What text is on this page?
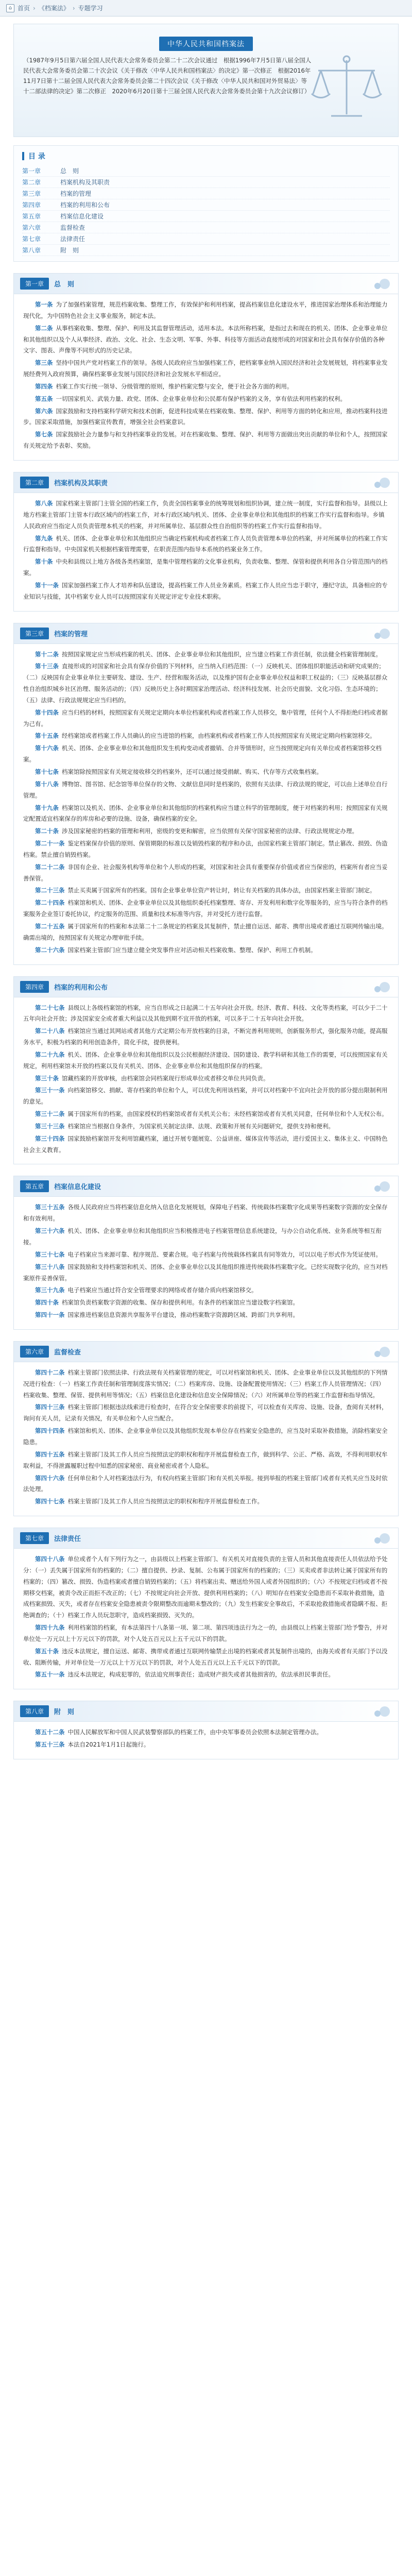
⌂ 首页 › 《档案法》 › 专题学习
中华人民共和国档案法
（1987年9月5日第六届全国人民代表大会常务委员会第二十二次会议通过　根据1996年7月5日第八届全国人民代表大会常务委员会第二十次会议《关于修改〈中华人民共和国档案法〉的决定》第一次修正　根据2016年11月7日第十二届全国人民代表大会常务委员会第二十四次会议《关于修改〈中华人民共和国对外贸易法〉等十二部法律的决定》第二次修正　2020年6月20日第十三届全国人民代表大会常务委员会第十九次会议修订）
目 录
第一章	总　则
第二章	档案机构及其职责
第三章	档案的管理
第四章	档案的利用和公布
第五章	档案信息化建设
第六章	监督检查
第七章	法律责任
第八章	附　则
第一章	总　则

第一条 为了加强档案管理，规范档案收集、整理工作，有效保护和利用档案，提高档案信息化建设水平，推进国家治理体系和治理能力现代化，为中国特色社会主义事业服务，制定本法。

第二条 从事档案收集、整理、保护、利用及其监督管理活动，适用本法。本法所称档案，是指过去和现在的机关、团体、企业事业单位和其他组织以及个人从事经济、政治、文化、社会、生态文明、军事、外事、科技等方面活动直接形成的对国家和社会具有保存价值的各种文字、图表、声像等不同形式的历史记录。

第三条 坚持中国共产党对档案工作的领导。各级人民政府应当加强档案工作，把档案事业纳入国民经济和社会发展规划，将档案事业发展经费列入政府预算，确保档案事业发展与国民经济和社会发展水平相适应。

第四条 档案工作实行统一领导、分级管理的原则，维护档案完整与安全，便于社会各方面的利用。

第五条 一切国家机关、武装力量、政党、团体、企业事业单位和公民都有保护档案的义务，享有依法利用档案的权利。

第六条 国家鼓励和支持档案科学研究和技术创新，促进科技成果在档案收集、整理、保护、利用等方面的转化和应用，推动档案科技进步。国家采取措施，加强档案宣传教育，增强全社会档案意识。

第七条 国家鼓励社会力量参与和支持档案事业的发展。对在档案收集、整理、保护、利用等方面做出突出贡献的单位和个人，按照国家有关规定给予表彰、奖励。

第二章	档案机构及其职责

第八条 国家档案主管部门主管全国的档案工作，负责全国档案事业的统筹规划和组织协调，建立统一制度，实行监督和指导。县级以上地方档案主管部门主管本行政区域内的档案工作，对本行政区域内机关、团体、企业事业单位和其他组织的档案工作实行监督和指导。乡镇人民政府应当指定人员负责管理本机关的档案，并对所属单位、基层群众性自治组织等的档案工作实行监督和指导。

第九条 机关、团体、企业事业单位和其他组织应当确定档案机构或者档案工作人员负责管理本单位的档案，并对所属单位的档案工作实行监督和指导。中央国家机关根据档案管理需要，在职责范围内指导本系统的档案业务工作。

第十条 中央和县级以上地方各级各类档案馆，是集中管理档案的文化事业机构，负责收集、整理、保管和提供利用各自分管范围内的档案。

第十一条 国家加强档案工作人才培养和队伍建设，提高档案工作人员业务素质。档案工作人员应当忠于职守，遵纪守法，具备相应的专业知识与技能，其中档案专业人员可以按照国家有关规定评定专业技术职称。

第三章	档案的管理

第十二条 按照国家规定应当形成档案的机关、团体、企业事业单位和其他组织，应当建立档案工作责任制，依法健全档案管理制度。

第十三条 直接形成的对国家和社会具有保存价值的下列材料，应当纳入归档范围：（一）反映机关、团体组织职能活动和研究成果的；（二）反映国有企业事业单位主要研发、建设、生产、经营和服务活动，以及维护国有企业事业单位权益和职工权益的；（三）反映基层群众性自治组织城乡社区治理、服务活动的；（四）反映历史上各时期国家治理活动、经济科技发展、社会历史面貌、文化习俗、生态环境的；（五）法律、行政法规规定应当归档的。

第十四条 应当归档的材料，按照国家有关规定定期向本单位档案机构或者档案工作人员移交，集中管理，任何个人不得拒绝归档或者据为己有。

第十五条 经档案馆或者档案工作人员确认的应当进馆的档案，由档案机构或者档案工作人员按照国家有关规定定期向档案馆移交。

第十六条 机关、团体、企业事业单位和其他组织发生机构变动或者撤销、合并等情形时，应当按照规定向有关单位或者档案馆移交档案。

第十七条 档案馆除按照国家有关规定接收移交的档案外，还可以通过接受捐献、购买、代存等方式收集档案。

第十八条 博物馆、图书馆、纪念馆等单位保存的文物、文献信息同时是档案的，依照有关法律、行政法规的规定，可以由上述单位自行管理。

第十九条 档案馆以及机关、团体、企业事业单位和其他组织的档案机构应当建立科学的管理制度，便于对档案的利用；按照国家有关规定配置适宜档案保存的库房和必要的设施、设备，确保档案的安全。

第二十条 涉及国家秘密的档案的管理和利用，密级的变更和解密，应当依照有关保守国家秘密的法律、行政法规规定办理。

第二十一条 鉴定档案保存价值的原则、保管期限的标准以及销毁档案的程序和办法，由国家档案主管部门制定。禁止篡改、损毁、伪造档案。禁止擅自销毁档案。

第二十二条 非国有企业、社会服务机构等单位和个人形成的档案，对国家和社会具有重要保存价值或者应当保密的，档案所有者应当妥善保管。

第二十三条 禁止买卖属于国家所有的档案。国有企业事业单位资产转让时，转让有关档案的具体办法，由国家档案主管部门制定。

第二十四条 档案馆和机关、团体、企业事业单位以及其他组织委托档案整理、寄存、开发利用和数字化等服务的，应当与符合条件的档案服务企业签订委托协议，约定服务的范围、质量和技术标准等内容，并对受托方进行监督。

第二十五条 属于国家所有的档案和本法第二十二条规定的档案及其复制件，禁止擅自运送、邮寄、携带出境或者通过互联网传输出境。确需出境的，按照国家有关规定办理审批手续。

第二十六条 国家档案主管部门应当建立健全突发事件应对活动相关档案收集、整理、保护、利用工作机制。

第四章	档案的利用和公布

第二十七条 县级以上各级档案馆的档案，应当自形成之日起满二十五年向社会开放。经济、教育、科技、文化等类档案，可以少于二十五年向社会开放；涉及国家安全或者重大利益以及其他到期不宜开放的档案，可以多于二十五年向社会开放。

第二十八条 档案馆应当通过其网站或者其他方式定期公布开放档案的目录，不断完善利用规则，创新服务形式，强化服务功能，提高服务水平，积极为档案的利用创造条件，简化手续，提供便利。

第二十九条 机关、团体、企业事业单位和其他组织以及公民根据经济建设、国防建设、教学科研和其他工作的需要，可以按照国家有关规定，利用档案馆未开放的档案以及有关机关、团体、企业事业单位和其他组织保存的档案。

第三十条 馆藏档案的开放审核，由档案馆会同档案现行形成单位或者移交单位共同负责。

第三十一条 向档案馆移交、捐献、寄存档案的单位和个人，可以优先利用该档案，并可以对档案中不宜向社会开放的部分提出限制利用的意见。

第三十二条 属于国家所有的档案，由国家授权的档案馆或者有关机关公布；未经档案馆或者有关机关同意，任何单位和个人无权公布。

第三十三条 档案馆应当根据自身条件，为国家机关制定法律、法规、政策和开展有关问题研究，提供支持和便利。

第三十四条 国家鼓励档案馆开发利用馆藏档案，通过开展专题展览、公益讲座、媒体宣传等活动，进行爱国主义、集体主义、中国特色社会主义教育。

第五章	档案信息化建设

第三十五条 各级人民政府应当将档案信息化纳入信息化发展规划，保障电子档案、传统载体档案数字化成果等档案数字资源的安全保存和有效利用。

第三十六条 机关、团体、企业事业单位和其他组织应当积极推进电子档案管理信息系统建设，与办公自动化系统、业务系统等相互衔接。

第三十七条 电子档案应当来源可靠、程序规范、要素合规。电子档案与传统载体档案具有同等效力，可以以电子形式作为凭证使用。

第三十八条 国家鼓励和支持档案馆和机关、团体、企业事业单位以及其他组织推进传统载体档案数字化。已经实现数字化的，应当对档案原件妥善保管。

第三十九条 电子档案应当通过符合安全管理要求的网络或者存储介质向档案馆移交。

第四十条 档案馆负责档案数字资源的收集、保存和提供利用。有条件的档案馆应当建设数字档案馆。

第四十一条 国家推进档案信息资源共享服务平台建设，推动档案数字资源跨区域、跨部门共享利用。

第六章	监督检查

第四十二条 档案主管部门依照法律、行政法规有关档案管理的规定，可以对档案馆和机关、团体、企业事业单位以及其他组织的下列情况进行检查：（一）档案工作责任制和管理制度落实情况；（二）档案库房、设施、设备配置使用情况；（三）档案工作人员管理情况；（四）档案收集、整理、保管、提供利用等情况；（五）档案信息化建设和信息安全保障情况；（六）对所属单位等的档案工作监督和指导情况。

第四十三条 档案主管部门根据违法线索进行检查时，在符合安全保密要求的前提下，可以检查有关库房、设施、设备，查阅有关材料，询问有关人员，记录有关情况，有关单位和个人应当配合。

第四十四条 档案馆和机关、团体、企业事业单位以及其他组织发现本单位存在档案安全隐患的，应当及时采取补救措施，消除档案安全隐患。

第四十五条 档案主管部门及其工作人员应当按照法定的职权和程序开展监督检查工作，做到科学、公正、严格、高效，不得利用职权牟取利益，不得泄露履职过程中知悉的国家秘密、商业秘密或者个人隐私。

第四十六条 任何单位和个人对档案违法行为，有权向档案主管部门和有关机关举报。接到举报的档案主管部门或者有关机关应当及时依法处理。

第四十七条 档案主管部门及其工作人员应当按照法定的职权和程序开展监督检查工作。

第七章	法律责任

第四十八条 单位或者个人有下列行为之一，由县级以上档案主管部门、有关机关对直接负责的主管人员和其他直接责任人员依法给予处分：（一）丢失属于国家所有的档案的；（二）擅自提供、抄录、复制、公布属于国家所有的档案的；（三）买卖或者非法转让属于国家所有的档案的；（四）篡改、损毁、伪造档案或者擅自销毁档案的；（五）将档案出卖、赠送给外国人或者外国组织的；（六）不按规定归档或者不按期移交档案，被责令改正而拒不改正的；（七）不按规定向社会开放、提供利用档案的；（八）明知存在档案安全隐患而不采取补救措施，造成档案损毁、灭失，或者存在档案安全隐患被责令限期整改而逾期未整改的；（九）发生档案安全事故后，不采取抢救措施或者隐瞒不报、拒绝调查的；（十）档案工作人员玩忽职守，造成档案损毁、灭失的。

第四十九条 利用档案馆的档案，有本法第四十八条第一项、第二项、第四项违法行为之一的，由县级以上档案主管部门给予警告，并对单位处一万元以上十万元以下的罚款，对个人处五百元以上五千元以下的罚款。

第五十条 违反本法规定，擅自运送、邮寄、携带或者通过互联网传输禁止出境的档案或者其复制件出境的，由海关或者有关部门予以没收、阻断传输，并对单位处一万元以上十万元以下的罚款，对个人处五百元以上五千元以下的罚款。

第五十一条 违反本法规定，构成犯罪的，依法追究刑事责任；造成财产损失或者其他损害的，依法承担民事责任。

第八章	附　则

第五十二条 中国人民解放军和中国人民武装警察部队的档案工作，由中央军事委员会依照本法制定管理办法。

第五十三条 本法自2021年1月1日起施行。
